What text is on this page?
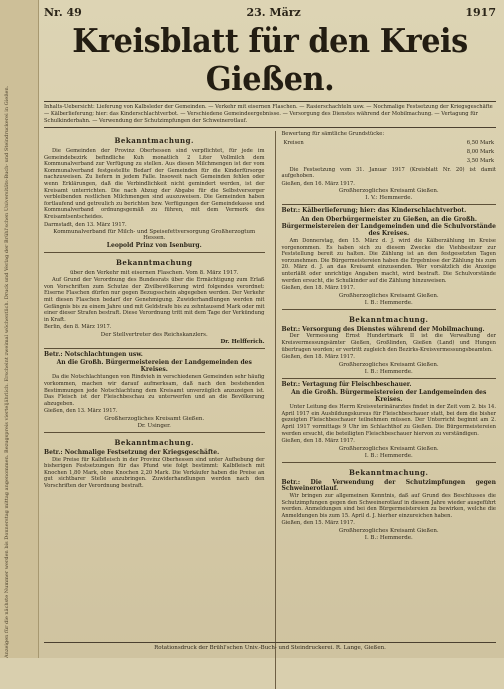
Anzeigen für die nächste Nummer werden bis Donnerstag mittag angenommen. Bezugspreis vierteljährlich. Erscheint zweimal wöchentlich. Druck und Verlag der Brühl'schen Universitäts-Buch- und Steindruckerei in Gießen.
Nr. 49	23. März	1917
Kreisblatt für den Kreis Gießen.
Inhalts-Uebersicht: Lieferung von Kalbsleder der Gemeinden. — Verkehr mit eisernen Flaschen. — Rasierschachteln usw. — Nochmalige Festsetzung der Kriegsgeschäfte — Kälberlieferung; hier: das Kinderschlachtverbot. — Verschiedene Gemeindeergebnisse. — Versorgung des Dienstes während der Mobilmachung. — Vertagung für Schulkinderbahn. — Verwendung der Schutzimpfungen der Schweinerotlauf.
Bekanntmachung.

Die Gemeinden der Provinz Oberhessen sind verpflichtet, für jede im Gemeindebezirk befindliche Kuh monatlich 2 Liter Vollmilch dem Kommunalverband zur Verfügung zu stellen. Aus diesen Milchmengen ist der vom Kommunalverband festgestellte Bedarf der Gemeinden für die Kinderfürsorge nachzuweisen. Zu liefern in jedem Falle. Insoweit nach Gemeinden fehlen oder wenn Erklärungen, daß die Verbindlichkeit nicht gemindert werden, ist der Kreisamt unterrichten. Die nach Abzug der Abgabe für die Selbstversorger verbleibenden restlichen Milchmengen sind auszuweisen. Die Gemeinden haben fortlaufend und getreulich zu berichten bzw. Verfügungen der Gemeindekasse und Kommunalverband ordnungsgemäß zu führen, mit dem Vermerk des Kreisamtsentscheides.

Darmstadt, den 13. März 1917.
Kommunalverband für Milch- und Speisefettversorgung Großherzogtum Hessen.
Leopold Prinz von Isenburg.
Bekanntmachung
über den Verkehr mit eisernen Flaschen. Vom 8. März 1917.

Auf Grund der Verordnung des Bundesrats über die Ermächtigung zum Erlaß von Vorschriften zum Schutze der Zivilbevölkerung wird folgendes verordnet: Eiserne Flaschen dürfen nur gegen Bezugsschein abgegeben werden. Der Verkehr mit diesen Flaschen bedarf der Genehmigung. Zuwiderhandlungen werden mit Gefängnis bis zu einem Jahre und mit Geldstrafe bis zu zehntausend Mark oder mit einer dieser Strafen bestraft. Diese Verordnung tritt mit dem Tage der Verkündung in Kraft.

Berlin, den 8. März 1917.
Der Stellvertreter des Reichskanzlers.
Dr. Helfferich.
Betr.: Notschlachtungen usw.
An die Großh. Bürgermeistereien der Landgemeinden des Kreises.

Da die Notschlachtungen von Rindvieh in verschiedenen Gemeinden sehr häufig vorkommen, machen wir darauf aufmerksam, daß nach den bestehenden Bestimmungen jede Notschlachtung dem Kreisamt unverzüglich anzuzeigen ist. Das Fleisch ist der Fleischbeschau zu unterwerfen und an die Bevölkerung abzugeben.

Gießen, den 13. März 1917.
Großherzogliches Kreisamt Gießen.
Dr. Usinger.
Bekanntmachung.
Betr.: Nochmalige Festsetzung der Kriegsgeschäfte.

Die Preise für Kalbfleisch in der Provinz Oberhessen sind unter Aufhebung der bisherigen Festsetzungen für das Pfund wie folgt bestimmt: Kalbfleisch mit Knochen 1,80 Mark, ohne Knochen 2,20 Mark. Die Verkäufer haben die Preise an gut sichtbarer Stelle anzubringen. Zuwiderhandlungen werden nach den Vorschriften der Verordnung bestraft.

Bewertung für sämtliche Grundstücke:
Kreisen	6,50 Mark
	8,00 Mark
	3,50 Mark

Die Festsetzung vom 31. Januar 1917 (Kreisblatt Nr. 20) ist damit aufgehoben.

Gießen, den 16. März 1917.
Großherzogliches Kreisamt Gießen.
I. V.: Hemmerde.
Betr.: Kälberlieferung; hier: das Kinderschlachtverbot.
An den Oberbürgermeister zu Gießen, an die Großh. Bürgermeistereien der Landgemeinden und die Schulvorstände des Kreises.

Am Donnerstag, den 15. März d. J. wird die Kälberzählung im Kreise vorgenommen. Es haben sich zu diesem Zwecke die Viehbesitzer zur Feststellung bereit zu halten. Die Zählung ist an den festgesetzten Tagen vorzunehmen. Die Bürgermeistereien haben die Ergebnisse der Zählung bis zum 20. März d. J. an das Kreisamt einzusenden. Wer vorsätzlich die Anzeige unterläßt oder unrichtige Angaben macht, wird bestraft. Die Schulvorstände werden ersucht, die Schulkinder auf die Zählung hinzuweisen.

Gießen, den 18. März 1917.
Großherzogliches Kreisamt Gießen.
I. B.: Hemmerde.
Bekanntmachung.
Betr.: Versorgung des Dienstes während der Mobilmachung.

Der Vermessung Ernst Hundertmark II ist die Verwaltung der Kreisvermessungsämter Gießen, Großlinden, Gießen (Land) und Hungen übertragen worden; er vertritt zugleich den Bezirks-Kreisvermessungsbeamten.

Gießen, den 18. März 1917.
Großherzogliches Kreisamt Gießen.
I. B.: Hemmerde.
Betr.: Vertagung für Fleischbeschauer.
An die Großh. Bürgermeistereien der Landgemeinden des Kreises.

Unter Leitung des Herrn Kreisveterinärarztes findet in der Zeit vom 2. bis 14. April 1917 ein Ausbildungskursus für Fleischbeschauer statt, bei dem die bisher gezeigten Fleischbeschauer teilnehmen müssen. Der Unterricht beginnt am 2. April 1917 vormittags 9 Uhr im Schlachthof zu Gießen. Die Bürgermeistereien werden ersucht, die beteiligten Fleischbeschauer hiervon zu verständigen.

Gießen, den 18. März 1917.
Großherzogliches Kreisamt Gießen.
I. B.: Hemmerde.
Bekanntmachung.
Betr.: Die Verwendung der Schutzimpfungen gegen Schweinerotlauf.

Wir bringen zur allgemeinen Kenntnis, daß auf Grund des Beschlusses die Schutzimpfungen gegen den Schweinerotlauf in diesem Jahre wieder ausgeführt werden. Anmeldungen sind bei den Bürgermeistereien zu bewirken, welche die Anmeldungen bis zum 15. April d. J. hierher einzureichen haben.

Gießen, den 15. März 1917.
Großherzogliches Kreisamt Gießen.
I. B.: Hemmerde.
Rotationsdruck der Brühl'schen Univ.-Buch- und Steindruckerei. R. Lange, Gießen.
